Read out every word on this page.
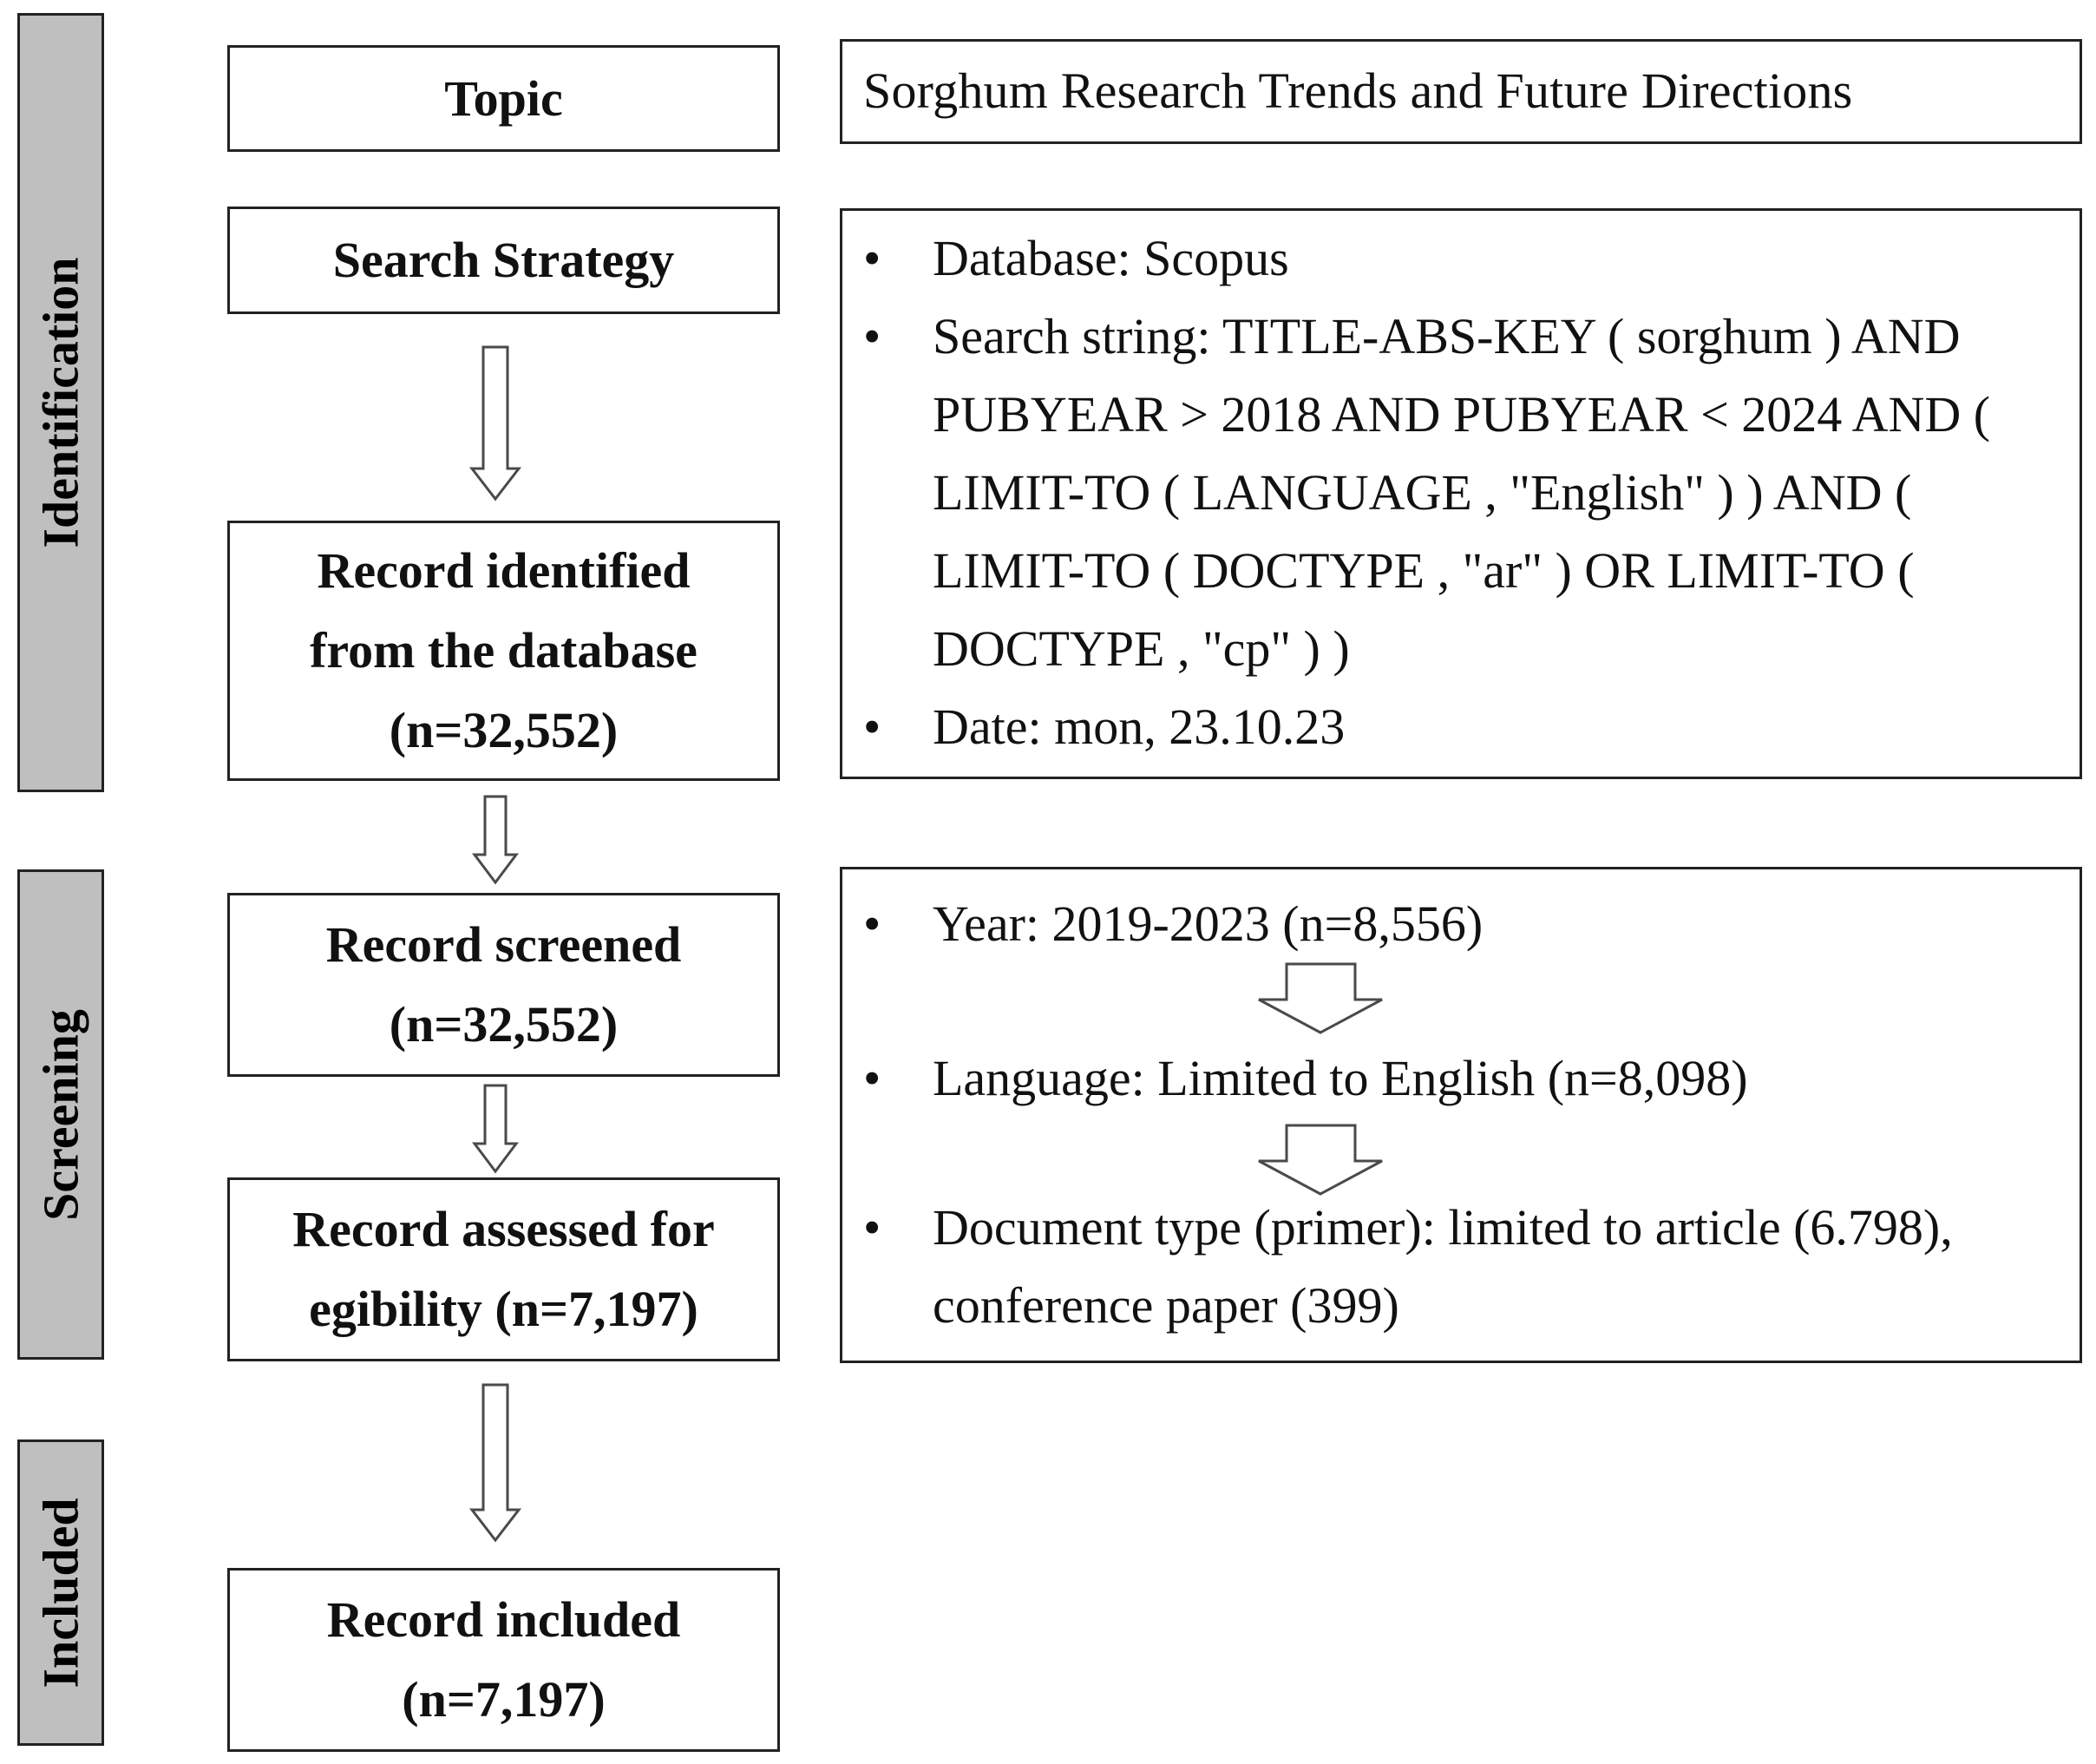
Identification
Screening
Included
Topic
Search Strategy
Record identified
from the database
(n=32,552)
Record screened
(n=32,552)
Record assessed for
egibility (n=7,197)
Record included
(n=7,197)
Sorghum Research Trends and Future Directions
• Database: Scopus
• Search string: TITLE-ABS-KEY ( sorghum ) AND PUBYEAR > 2018 AND PUBYEAR < 2024 AND ( LIMIT-TO ( LANGUAGE , "English" ) ) AND ( LIMIT-TO ( DOCTYPE , "ar" ) OR LIMIT-TO ( DOCTYPE , "cp" ) )
• Date: mon, 23.10.23
• Year: 2019-2023 (n=8,556)
• Language: Limited to English (n=8,098)
• Document type (primer): limited to article (6.798), conference paper (399)
